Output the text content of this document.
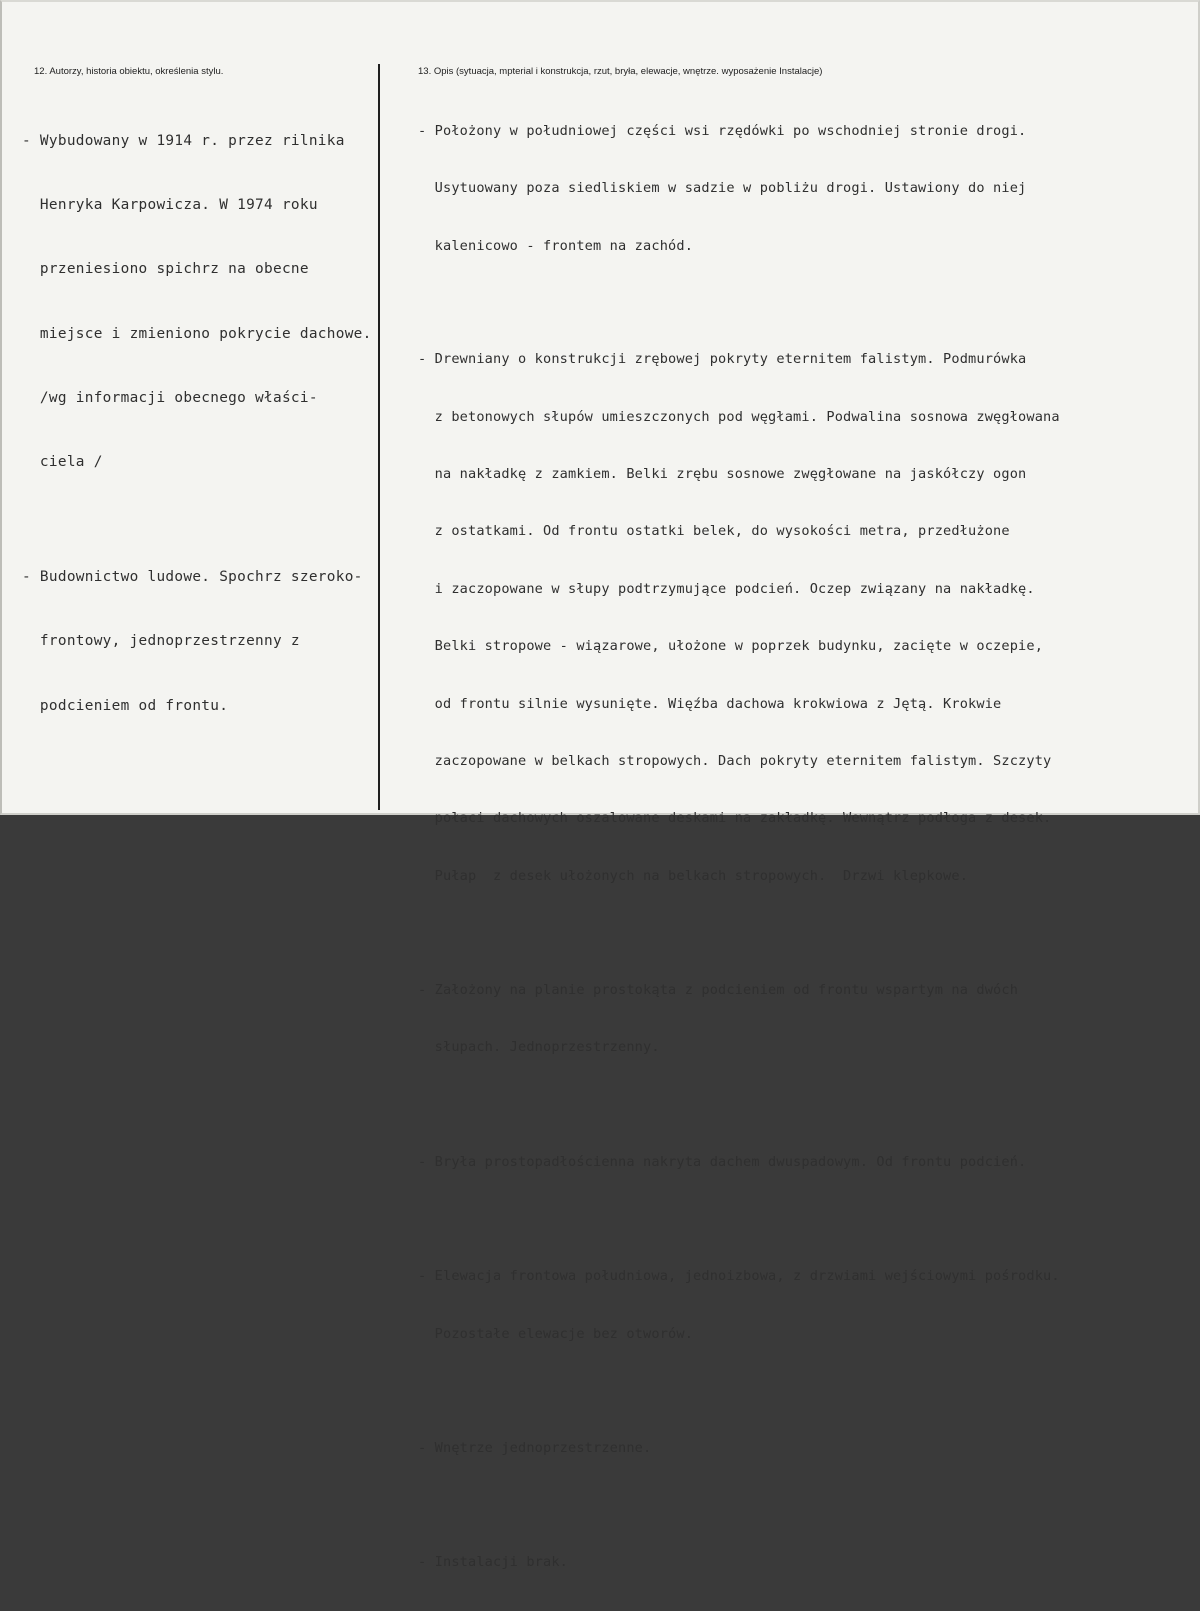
12. Autorzy, historia obiektu, określenia stylu.	13. Opis (sytuacja, mpterial i konstrukcja, rzut, bryła, elewacje, wnętrze. wyposażenie Instalacje)

- Wybudowany w 1914 r. przez rilnika

Henryka Karpowicza. W 1974 roku

przeniesiono spichrz na obecne

miejsce i zmieniono pokrycie dachowe.

/wg informacji obecnego właści-

ciela /

- Budownictwo ludowe. Spochrz szeroko-

frontowy, jednoprzestrzenny z

podcieniem od frontu.

- Położony w południowej części wsi rzędówki po wschodniej stronie drogi.

Usytuowany poza siedliskiem w sadzie w pobliżu drogi. Ustawiony do niej

kalenicowo - frontem na zachód.

- Drewniany o konstrukcji zrębowej pokryty eternitem falistym. Podmurówka

z betonowych słupów umieszczonych pod węgłami. Podwalina sosnowa zwęgłowana

na nakładkę z zamkiem. Belki zrębu sosnowe zwęgłowane na jaskółczy ogon

z ostatkami. Od frontu ostatki belek, do wysokości metra, przedłużone

i zaczopowane w słupy podtrzymujące podcień. Oczep związany na nakładkę.

Belki stropowe - wiązarowe, ułożone w poprzek budynku, zacięte w oczepie,

od frontu silnie wysunięte. Więźba dachowa krokwiowa z Jętą. Krokwie

zaczopowane w belkach stropowych. Dach pokryty eternitem falistym. Szczyty

połaci dachowych oszalowane deskami na zakładkę. Wewnątrz podłoga z desek.

Pułap  z desek ułożonych na belkach stropowych.  Drzwi klepkowe.

- Założony na planie prostokąta z podcieniem od frontu wspartym na dwóch

słupach. Jednoprzestrzenny.

- Bryła prostopadłościenna nakryta dachem dwuspadowym. Od frontu podcień.

- Elewacja frontowa południowa, jednoizbowa, z drzwiami wejściowymi pośrodku.

Pozostałe elewacje bez otworów.

- Wnętrze jednoprzestrzenne.

- Instalacji brak.
